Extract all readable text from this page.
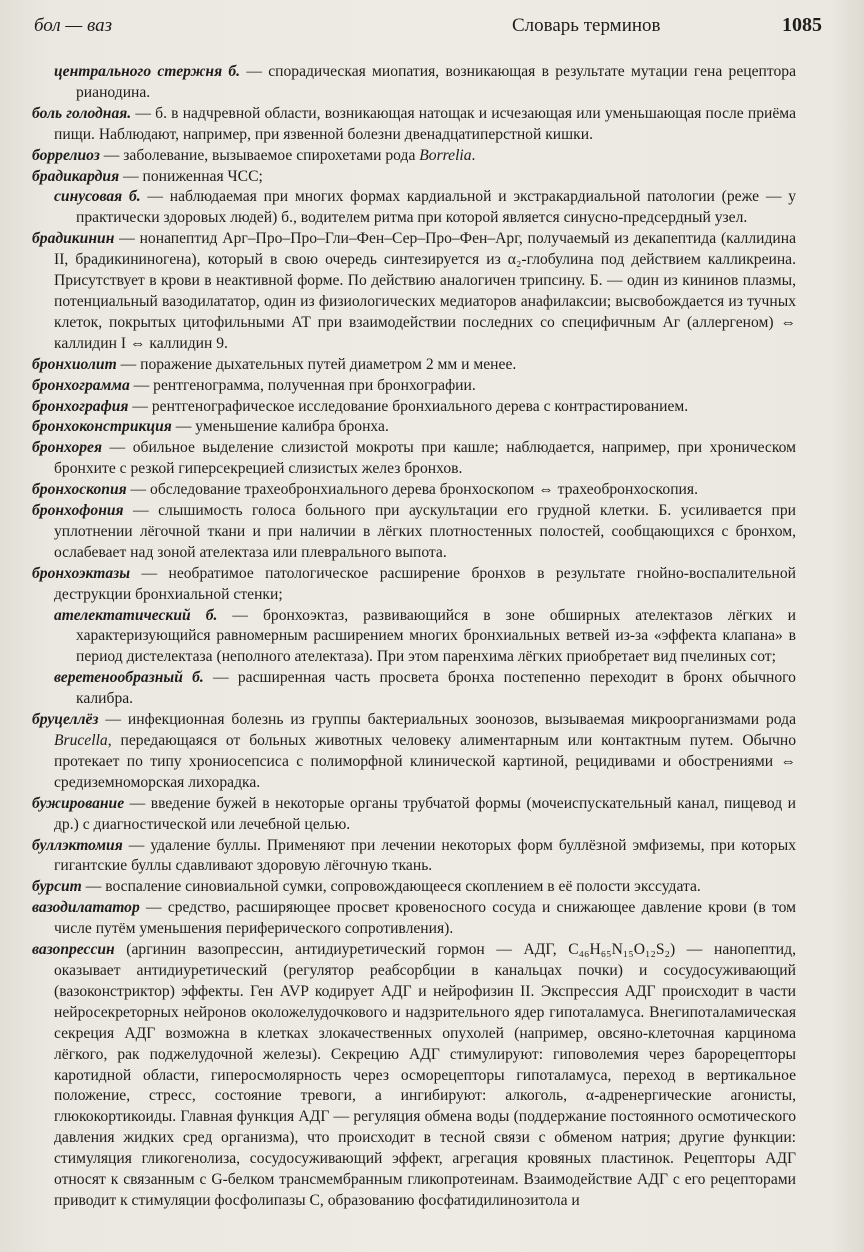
бол — ваз	Словарь терминов	1085

центрального стержня б. — спорадическая миопатия, возникающая в результате мутации гена рецептора рианодина.

боль голодная. — б. в надчревной области, возникающая натощак и исчезающая или уменьшающая после приёма пищи. Наблюдают, например, при язвенной болезни двенадцатиперстной кишки.

боррелиоз — заболевание, вызываемое спирохетами рода Borrelia.

брадикардия — пониженная ЧСС;

синусовая б. — наблюдаемая при многих формах кардиальной и экстракардиальной патологии (реже — у практически здоровых людей) б., водителем ритма при которой является синусно-предсердный узел.

брадикинин — нонапептид Арг–Про–Про–Гли–Фен–Сер–Про–Фен–Арг, получаемый из декапептида (каллидина II, брадикининогена), который в свою очередь синтезируется из α₂-глобулина под действием калликреина. Присутствует в крови в неактивной форме. По действию аналогичен трипсину. Б. — один из кининов плазмы, потенциальный вазодилататор, один из физиологических медиаторов анафилаксии; высвобождается из тучных клеток, покрытых цитофильными АТ при взаимодействии последних со специфичным Аг (аллергеном) ⇔ каллидин I ⇔ каллидин 9.

бронхиолит — поражение дыхательных путей диаметром 2 мм и менее.

бронхограмма — рентгенограмма, полученная при бронхографии.

бронхография — рентгенографическое исследование бронхиального дерева с контрастированием.

бронхоконстрикция — уменьшение калибра бронха.

бронхорея — обильное выделение слизистой мокроты при кашле; наблюдается, например, при хроническом бронхите с резкой гиперсекрецией слизистых желез бронхов.

бронхоскопия — обследование трахеобронхиального дерева бронхоскопом ⇔ трахеобронхоскопия.

бронхофония — слышимость голоса больного при аускультации его грудной клетки. Б. усиливается при уплотнении лёгочной ткани и при наличии в лёгких плотностенных полостей, сообщающихся с бронхом, ослабевает над зоной ателектаза или плеврального выпота.

бронхоэктазы — необратимое патологическое расширение бронхов в результате гнойно-воспалительной деструкции бронхиальной стенки;

ателектатический б. — бронхоэктаз, развивающийся в зоне обширных ателектазов лёгких и характеризующийся равномерным расширением многих бронхиальных ветвей из-за «эффекта клапана» в период дистелектаза (неполного ателектаза). При этом паренхима лёгких приобретает вид пчелиных сот;

веретенообразный б. — расширенная часть просвета бронха постепенно переходит в бронх обычного калибра.

бруцеллёз — инфекционная болезнь из группы бактериальных зоонозов, вызываемая микроорганизмами рода Brucella, передающаяся от больных животных человеку алиментарным или контактным путем. Обычно протекает по типу хрониосепсиса с полиморфной клинической картиной, рецидивами и обострениями ⇔ средиземноморская лихорадка.

бужирование — введение бужей в некоторые органы трубчатой формы (мочеиспускательный канал, пищевод и др.) с диагностической или лечебной целью.

буллэктомия — удаление буллы. Применяют при лечении некоторых форм буллёзной эмфиземы, при которых гигантские буллы сдавливают здоровую лёгочную ткань.

бурсит — воспаление синовиальной сумки, сопровождающееся скоплением в её полости экссудата.

вазодилататор — средство, расширяющее просвет кровеносного сосуда и снижающее давление крови (в том числе путём уменьшения периферического сопротивления).

вазопрессин (аргинин вазопрессин, антидиуретический гормон — АДГ, C₄₆H₆₅N₁₅O₁₂S₂) — нанопептид, оказывает антидиуретический (регулятор реабсорбции в канальцах почки) и сосудосуживающий (вазоконстриктор) эффекты. Ген AVP кодирует АДГ и нейрофизин II. Экспрессия АДГ происходит в части нейросекреторных нейронов околожелудочкового и надзрительного ядер гипоталамуса. Внегипоталамическая секреция АДГ возможна в клетках злокачественных опухолей (например, овсяно-клеточная карцинома лёгкого, рак поджелудочной железы). Секрецию АДГ стимулируют: гиповолемия через барорецепторы каротидной области, гиперосмолярность через осморецепторы гипоталамуса, переход в вертикальное положение, стресс, состояние тревоги, а ингибируют: алкоголь, α-адренергические агонисты, глюкокортикоиды. Главная функция АДГ — регуляция обмена воды (поддержание постоянного осмотического давления жидких сред организма), что происходит в тесной связи с обменом натрия; другие функции: стимуляция гликогенолиза, сосудосуживающий эффект, агрегация кровяных пластинок. Рецепторы АДГ относят к связанным с G-белком трансмембранным гликопротеинам. Взаимодействие АДГ с его рецепторами приводит к стимуляции фосфолипазы C, образованию фосфатидилинозитола и
